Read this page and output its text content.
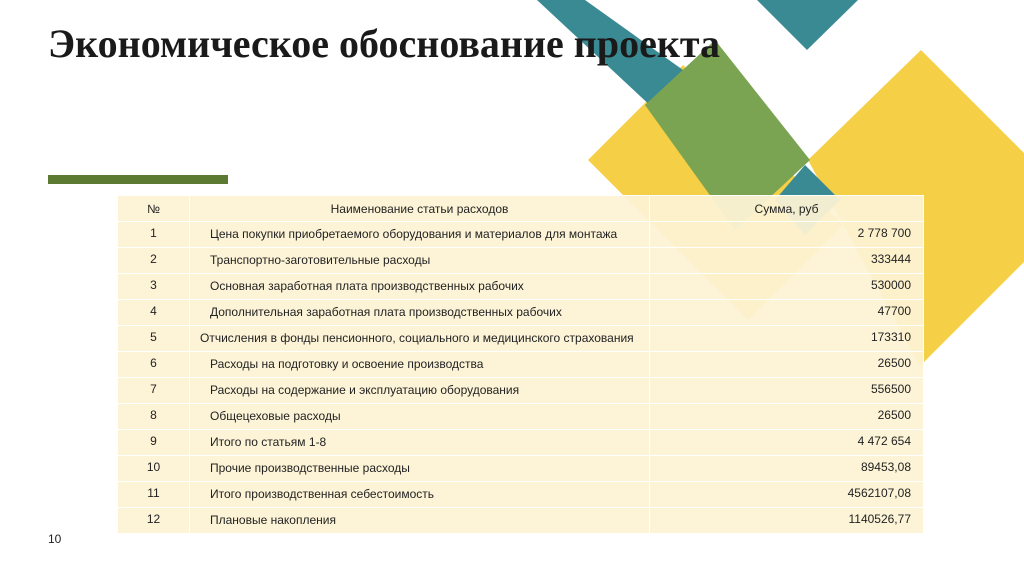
Экономическое обоснование проекта
№	Наименование статьи расходов	Сумма, руб
1	Цена покупки приобретаемого оборудования и материалов для монтажа	2 778 700
2	Транспортно-заготовительные расходы	333444
3	Основная заработная плата производственных рабочих	530000
4	Дополнительная заработная плата производственных рабочих	47700
5	Отчисления в фонды пенсионного, социального и медицинского страхования	173310
6	Расходы на подготовку и освоение производства	26500
7	Расходы на содержание и эксплуатацию оборудования	556500
8	Общецеховые расходы	26500
9	Итого по статьям 1-8	4 472 654
10	Прочие производственные расходы	89453,08
11	Итого производственная себестоимость	4562107,08
12	Плановые накопления	1140526,77
10
